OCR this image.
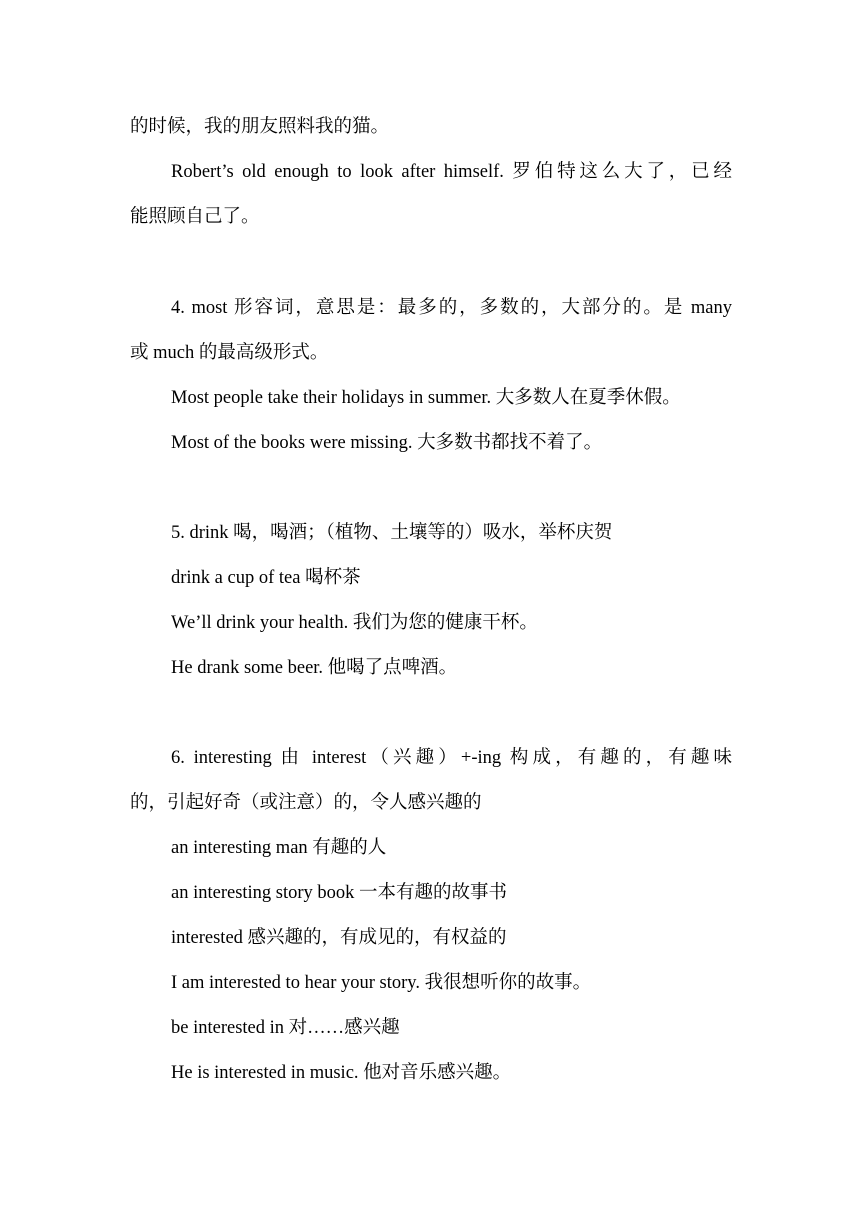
的时候，我的朋友照料我的猫。
Robert’s old enough to look after himself. 罗伯特这么大了，已经
能照顾自己了。
4. most 形容词，意思是：最多的，多数的，大部分的。是 many
或 much 的最高级形式。
Most people take their holidays in summer. 大多数人在夏季休假。
Most of the books were missing. 大多数书都找不着了。
5. drink 喝，喝酒；（植物、土壤等的）吸水，举杯庆贺
drink a cup of tea 喝杯茶
We’ll drink your health. 我们为您的健康干杯。
He drank some beer. 他喝了点啤酒。
6. interesting 由 interest（兴趣）+-ing 构成，有趣的，有趣味
的，引起好奇（或注意）的，令人感兴趣的
an interesting man 有趣的人
an interesting story book 一本有趣的故事书
interested 感兴趣的，有成见的，有权益的
I am interested to hear your story. 我很想听你的故事。
be interested in 对……感兴趣
He is interested in music. 他对音乐感兴趣。
